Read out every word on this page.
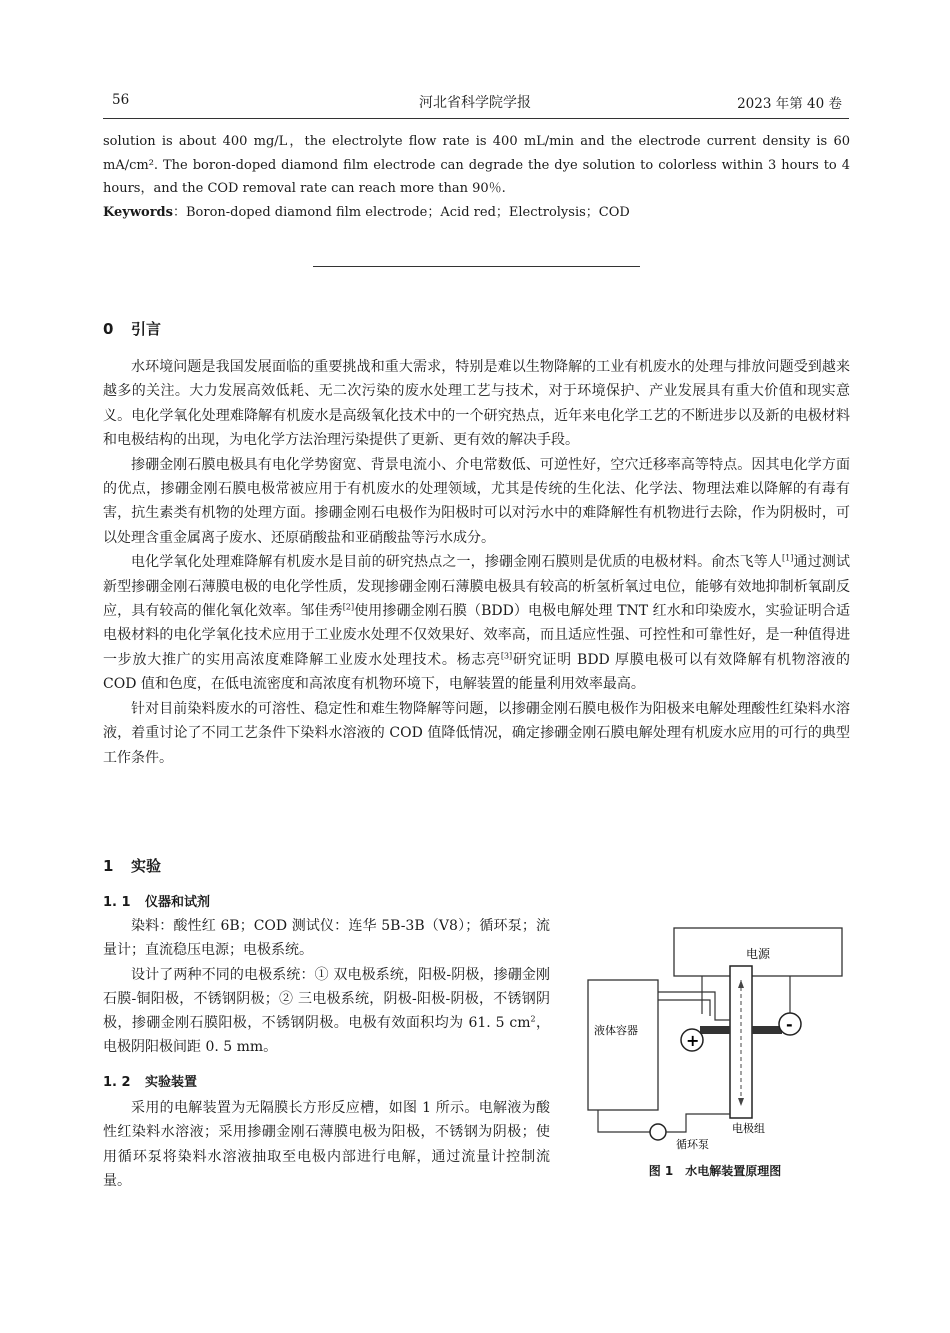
56	河北省科学院学报	2023 年第 40 卷

solution is about 400 mg/L，the electrolyte flow rate is 400 mL/min and the electrode current density is 60 mA/cm². The boron-doped diamond film electrode can degrade the dye solution to colorless within 3 hours to 4 hours，and the COD removal rate can reach more than 90％.

Keywords：Boron-doped diamond film electrode；Acid red；Electrolysis；COD

0 引言

水环境问题是我国发展面临的重要挑战和重大需求，特别是难以生物降解的工业有机废水的处理与排放问题受到越来越多的关注。大力发展高效低耗、无二次污染的废水处理工艺与技术，对于环境保护、产业发展具有重大价值和现实意义。电化学氧化处理难降解有机废水是高级氧化技术中的一个研究热点，近年来电化学工艺的不断进步以及新的电极材料和电极结构的出现，为电化学方法治理污染提供了更新、更有效的解决手段。

掺硼金刚石膜电极具有电化学势窗宽、背景电流小、介电常数低、可逆性好，空穴迁移率高等特点。因其电化学方面的优点，掺硼金刚石膜电极常被应用于有机废水的处理领域，尤其是传统的生化法、化学法、物理法难以降解的有毒有害，抗生素类有机物的处理方面。掺硼金刚石电极作为阳极时可以对污水中的难降解性有机物进行去除，作为阴极时，可以处理含重金属离子废水、还原硝酸盐和亚硝酸盐等污水成分。

电化学氧化处理难降解有机废水是目前的研究热点之一，掺硼金刚石膜则是优质的电极材料。俞杰飞等人[1]通过测试新型掺硼金刚石薄膜电极的电化学性质，发现掺硼金刚石薄膜电极具有较高的析氢析氧过电位，能够有效地抑制析氧副反应，具有较高的催化氧化效率。邹佳秀[2]使用掺硼金刚石膜（BDD）电极电解处理 TNT 红水和印染废水，实验证明合适电极材料的电化学氧化技术应用于工业废水处理不仅效果好、效率高，而且适应性强、可控性和可靠性好，是一种值得进一步放大推广的实用高浓度难降解工业废水处理技术。杨志亮[3]研究证明 BDD 厚膜电极可以有效降解有机物溶液的 COD 值和色度，在低电流密度和高浓度有机物环境下，电解装置的能量利用效率最高。

针对目前染料废水的可溶性、稳定性和难生物降解等问题，以掺硼金刚石膜电极作为阳极来电解处理酸性红染料水溶液，着重讨论了不同工艺条件下染料水溶液的 COD 值降低情况，确定掺硼金刚石膜电解处理有机废水应用的可行的典型工作条件。

1 实验
1. 1 仪器和试剂

染料：酸性红 6B；COD 测试仪：连华 5B-3B（V8）；循环泵；流量计；直流稳压电源；电极系统。

设计了两种不同的电极系统：① 双电极系统，阳极-阴极，掺硼金刚石膜-铜阳极，不锈钢阴极；② 三电极系统，阴极-阳极-阴极，不锈钢阴极，掺硼金刚石膜阳极，不锈钢阴极。电极有效面积均为 61. 5 $cm^2$，电极阴阳极间距 0. 5 mm。

1. 2 实验装置

采用的电解装置为无隔膜长方形反应槽，如图 1 所示。电解液为酸性红染料水溶液；采用掺硼金刚石薄膜电极为阳极，不锈钢为阴极；使用循环泵将染料水溶液抽取至电极内部进行电解，通过流量计控制流量。

电源
液体容器
+
-
循环泵
电极组
图 1　水电解装置原理图
